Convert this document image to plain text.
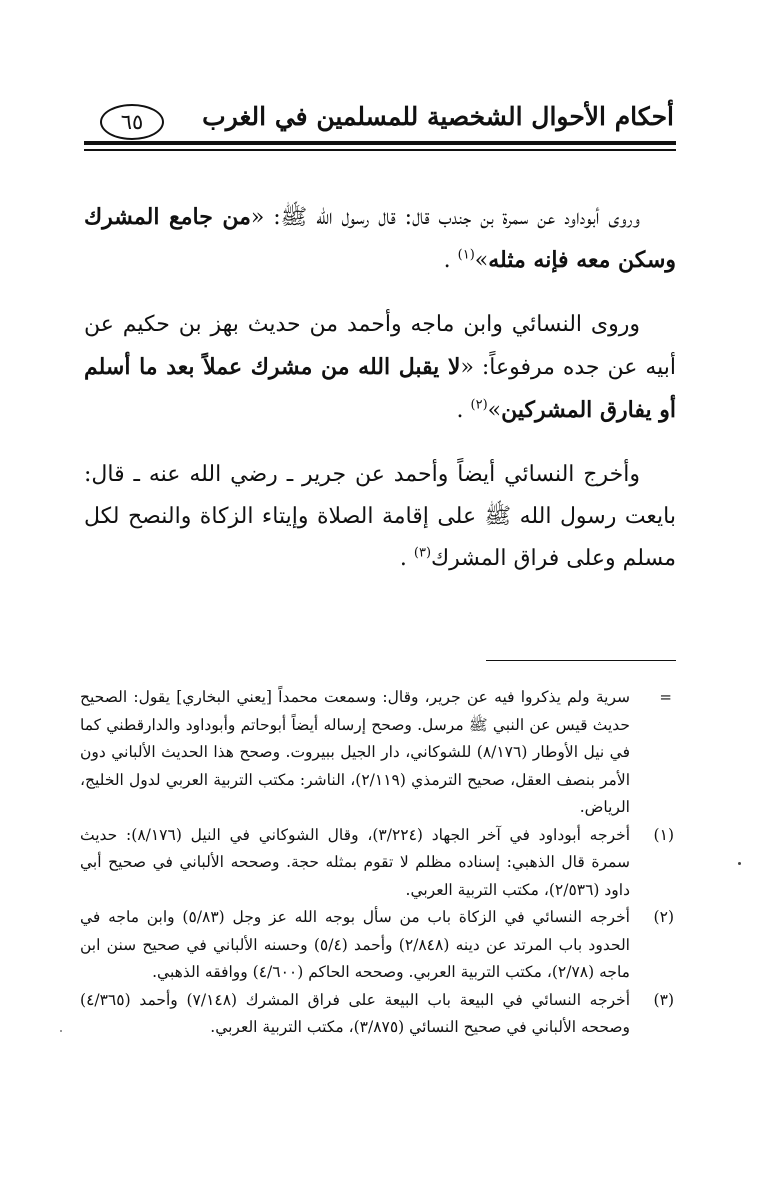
أحكام الأحوال الشخصية للمسلمين في الغرب
٦٥

وروى أبوداود عن سمرة بن جندب قال: قال رسول الله ﷺ: «من جامع المشرك وسكن معه فإنه مثله»$^{(١)}$ .

وروى النسائي وابن ماجه وأحمد من حديث بهز بن حكيم عن أبيه عن جده مرفوعاً: «لا يقبل الله من مشرك عملاً بعد ما أسلم أو يفارق المشركين»$^{(٢)}$ .

وأخرج النسائي أيضاً وأحمد عن جرير ـ رضي الله عنه ـ قال: بايعت رسول الله ﷺ على إقامة الصلاة وإيتاء الزكاة والنصح لكل مسلم وعلى فراق المشرك$^{(٣)}$ .

=
سرية ولم يذكروا فيه عن جرير، وقال: وسمعت محمداً [يعني البخاري] يقول: الصحيح حديث قيس عن النبي ﷺ مرسل. وصحح إرساله أيضاً أبوحاتم وأبوداود والدارقطني كما في نيل الأوطار (٨/١٧٦) للشوكاني، دار الجيل ببيروت. وصحح هذا الحديث الألباني دون الأمر بنصف العقل، صحيح الترمذي (٢/١١٩)، الناشر: مكتب التربية العربي لدول الخليج، الرياض.
(١)
أخرجه أبوداود في آخر الجهاد (٣/٢٢٤)، وقال الشوكاني في النيل (٨/١٧٦): حديث سمرة قال الذهبي: إسناده مظلم لا تقوم بمثله حجة. وصححه الألباني في صحيح أبي داود (٢/٥٣٦)، مكتب التربية العربي.
(٢)
أخرجه النسائي في الزكاة باب من سأل بوجه الله عز وجل (٥/٨٣) وابن ماجه في الحدود باب المرتد عن دينه (٢/٨٤٨) وأحمد (٥/٤) وحسنه الألباني في صحيح سنن ابن ماجه (٢/٧٨)، مكتب التربية العربي. وصححه الحاكم (٤/٦٠٠) ووافقه الذهبي.
(٣)
أخرجه النسائي في البيعة باب البيعة على فراق المشرك (٧/١٤٨) وأحمد (٤/٣٦٥) وصححه الألباني في صحيح النسائي (٣/٨٧٥)، مكتب التربية العربي.
